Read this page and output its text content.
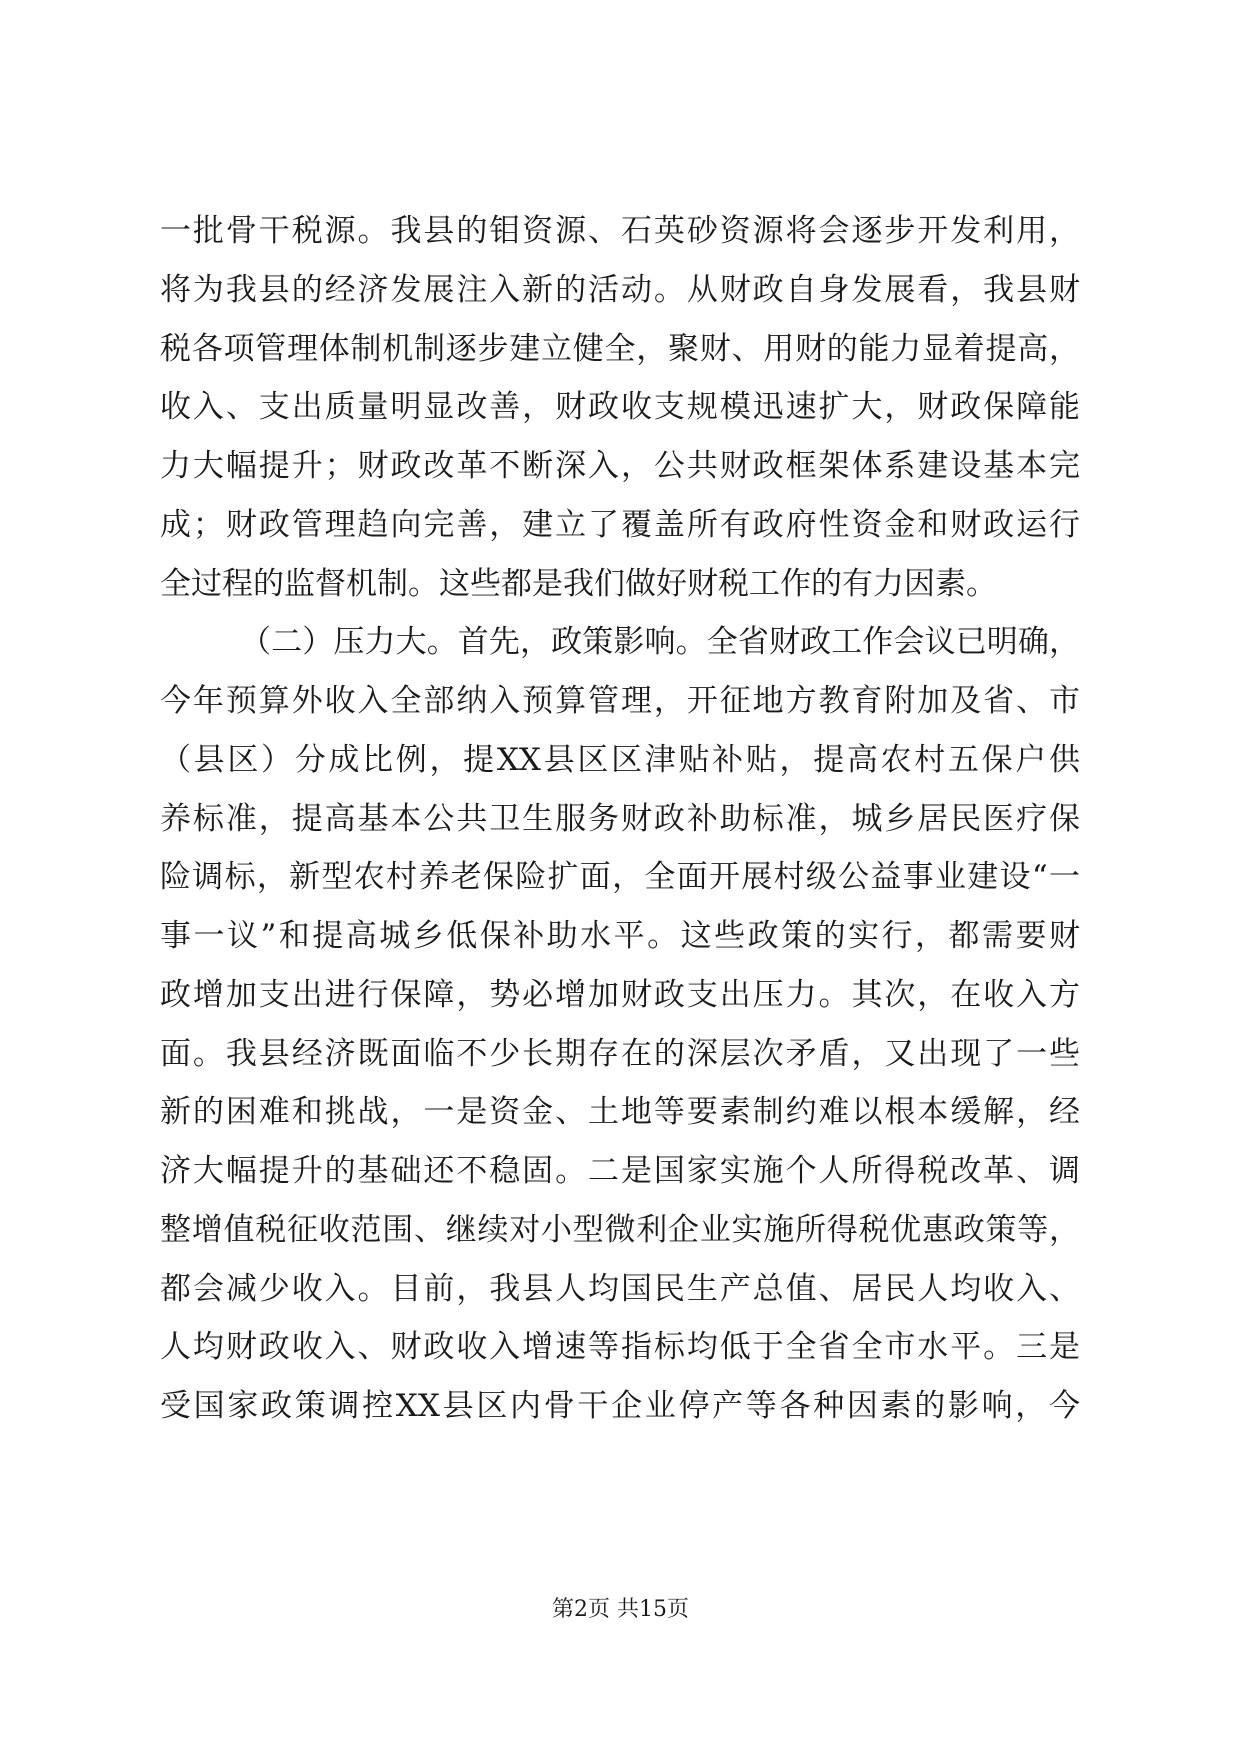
一批骨干税源。我县的钼资源、石英砂资源将会逐步开发利用，
将为我县的经济发展注入新的活动。从财政自身发展看，我县财
税各项管理体制机制逐步建立健全，聚财、用财的能力显着提高，
收入、支出质量明显改善，财政收支规模迅速扩大，财政保障能
力大幅提升；财政改革不断深入，公共财政框架体系建设基本完
成；财政管理趋向完善，建立了覆盖所有政府性资金和财政运行
全过程的监督机制。这些都是我们做好财税工作的有力因素。
（二）压力大。首先，政策影响。全省财政工作会议已明确，
今年预算外收入全部纳入预算管理，开征地方教育附加及省、市
（县区）分成比例，提XX县区区津贴补贴，提高农村五保户供
养标准，提高基本公共卫生服务财政补助标准，城乡居民医疗保
险调标，新型农村养老保险扩面，全面开展村级公益事业建设“一
事一议”和提高城乡低保补助水平。这些政策的实行，都需要财
政增加支出进行保障，势必增加财政支出压力。其次，在收入方
面。我县经济既面临不少长期存在的深层次矛盾，又出现了一些
新的困难和挑战，一是资金、土地等要素制约难以根本缓解，经
济大幅提升的基础还不稳固。二是国家实施个人所得税改革、调
整增值税征收范围、继续对小型微利企业实施所得税优惠政策等，
都会减少收入。目前，我县人均国民生产总值、居民人均收入、
人均财政收入、财政收入增速等指标均低于全省全市水平。三是
受国家政策调控XX县区内骨干企业停产等各种因素的影响，今
第2页 共15页
